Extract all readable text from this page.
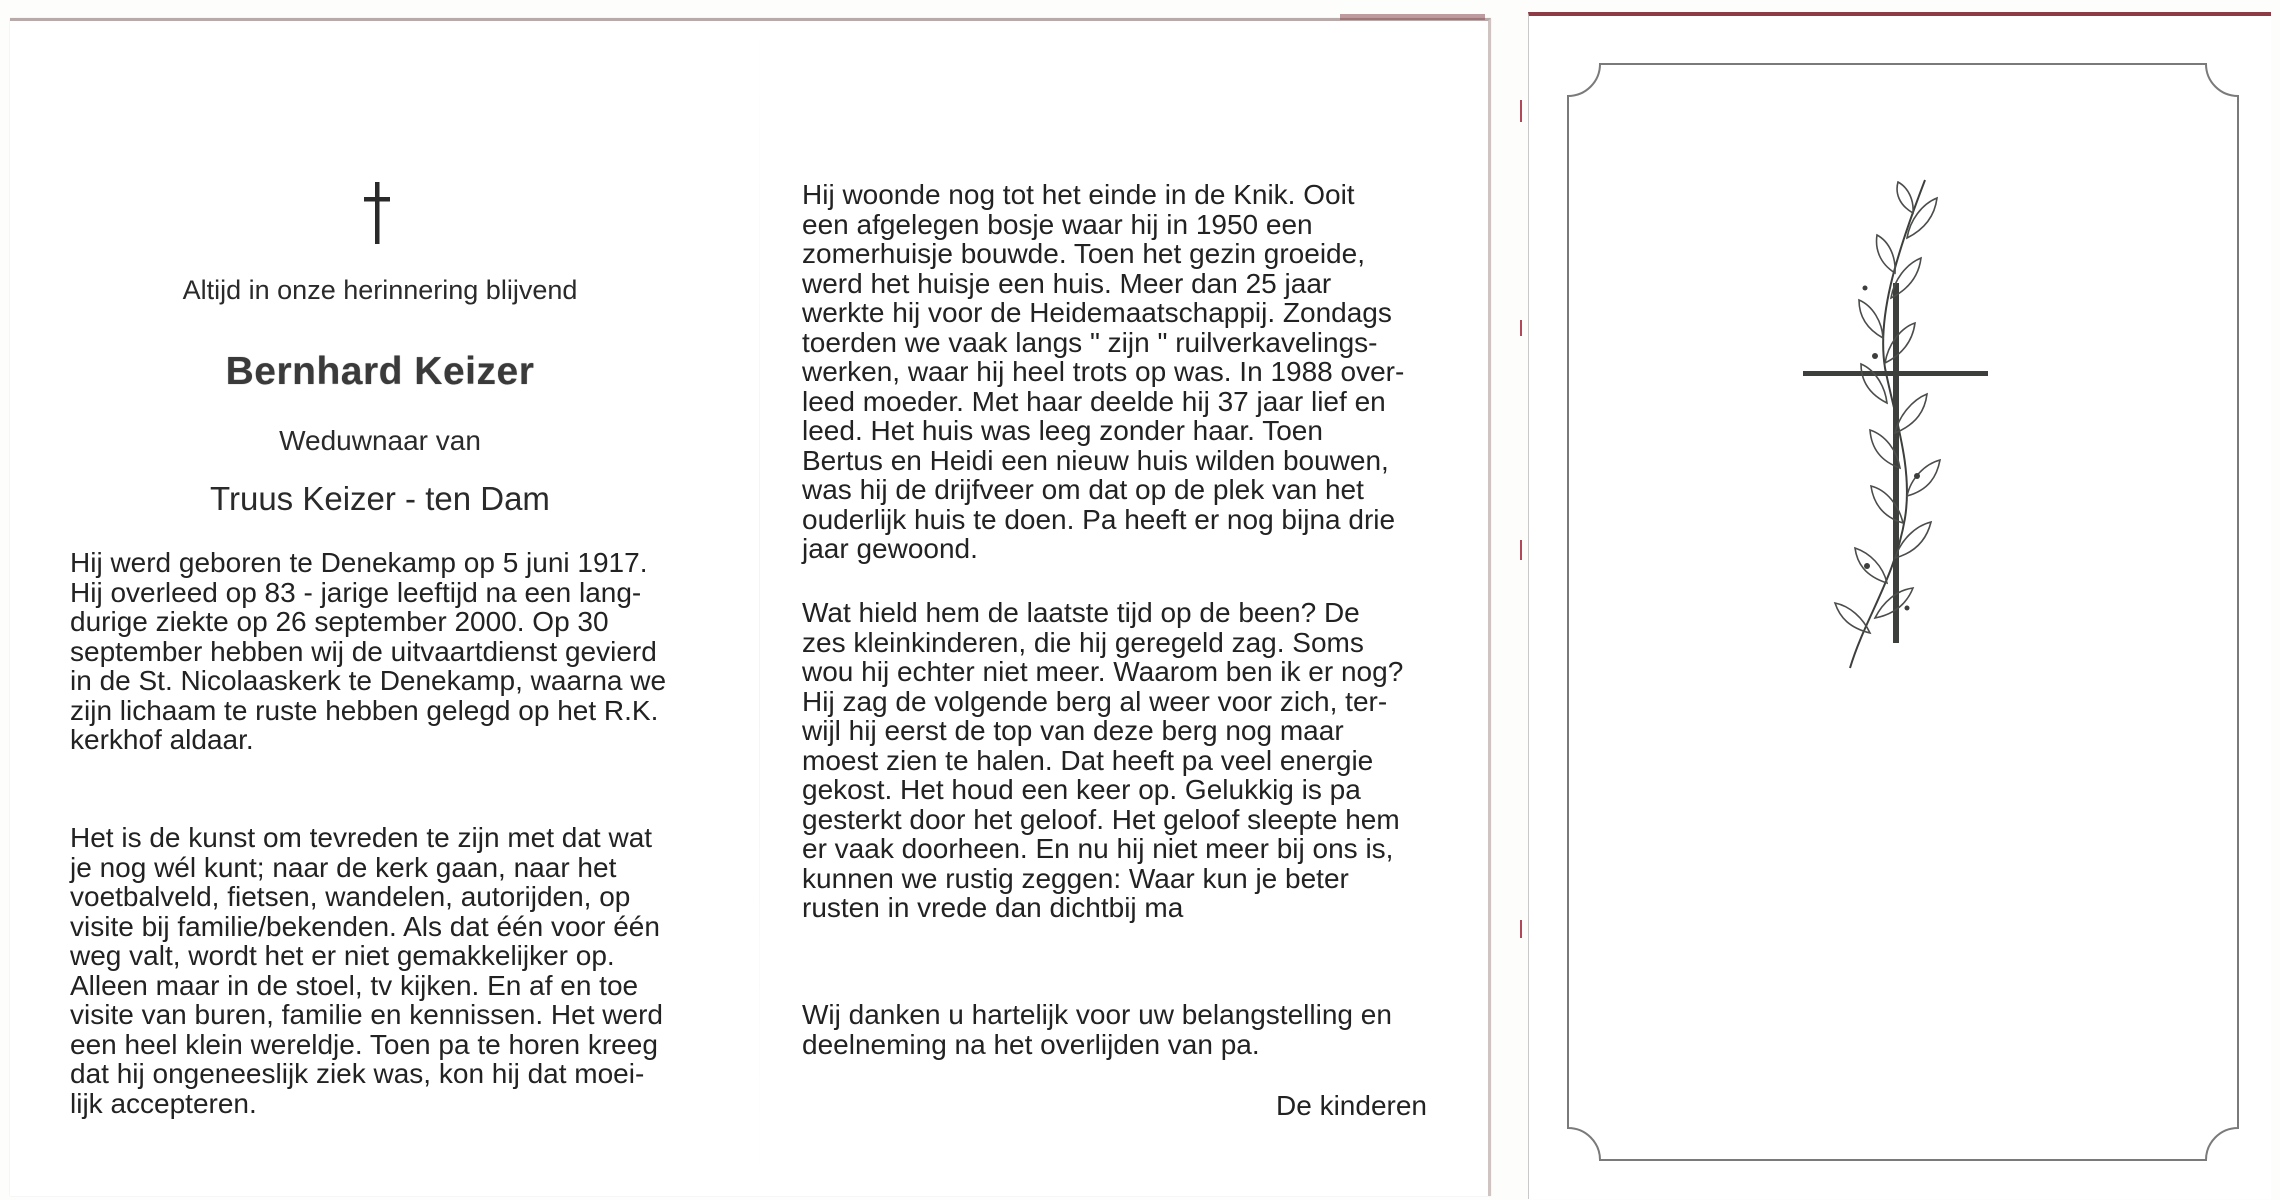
Altijd in onze herinnering blijvend
Bernhard Keizer
Weduwnaar van
Truus Keizer - ten Dam

Hij werd geboren te Denekamp op 5 juni 1917.
Hij overleed op 83 - jarige leeftijd na een lang-
durige ziekte op 26 september 2000. Op 30
september hebben wij de uitvaartdienst gevierd
in de St. Nicolaaskerk te Denekamp, waarna we
zijn lichaam te ruste hebben gelegd op het R.K.
kerkhof aldaar.

Het is de kunst om tevreden te zijn met dat wat
je nog wél kunt; naar de kerk gaan, naar het
voetbalveld, fietsen, wandelen, autorijden, op
visite bij familie/bekenden. Als dat één voor één
weg valt, wordt het er niet gemakkelijker op.
Alleen maar in de stoel, tv kijken. En af en toe
visite van buren, familie en kennissen. Het werd
een heel klein wereldje. Toen pa te horen kreeg
dat hij ongeneeslijk ziek was, kon hij dat moei-
lijk accepteren.

Hij woonde nog tot het einde in de Knik. Ooit
een afgelegen bosje waar hij in 1950 een
zomerhuisje bouwde. Toen het gezin groeide,
werd het huisje een huis. Meer dan 25 jaar
werkte hij voor de Heidemaatschappij. Zondags
toerden we vaak langs " zijn " ruilverkavelings-
werken, waar hij heel trots op was. In 1988 over-
leed moeder. Met haar deelde hij 37 jaar lief en
leed. Het huis was leeg zonder haar. Toen
Bertus en Heidi een nieuw huis wilden bouwen,
was hij de drijfveer om dat op de plek van het
ouderlijk huis te doen. Pa heeft er nog bijna drie
jaar gewoond.

Wat hield hem de laatste tijd op de been? De
zes kleinkinderen, die hij geregeld zag. Soms
wou hij echter niet meer. Waarom ben ik er nog?
Hij zag de volgende berg al weer voor zich, ter-
wijl hij eerst de top van deze berg nog maar
moest zien te halen. Dat heeft pa veel energie
gekost. Het houd een keer op. Gelukkig is pa
gesterkt door het geloof. Het geloof sleepte hem
er vaak doorheen. En nu hij niet meer bij ons is,
kunnen we rustig zeggen: Waar kun je beter
rusten in vrede dan dichtbij ma

Wij danken u hartelijk voor uw belangstelling en
deelneming na het overlijden van pa.

De kinderen
